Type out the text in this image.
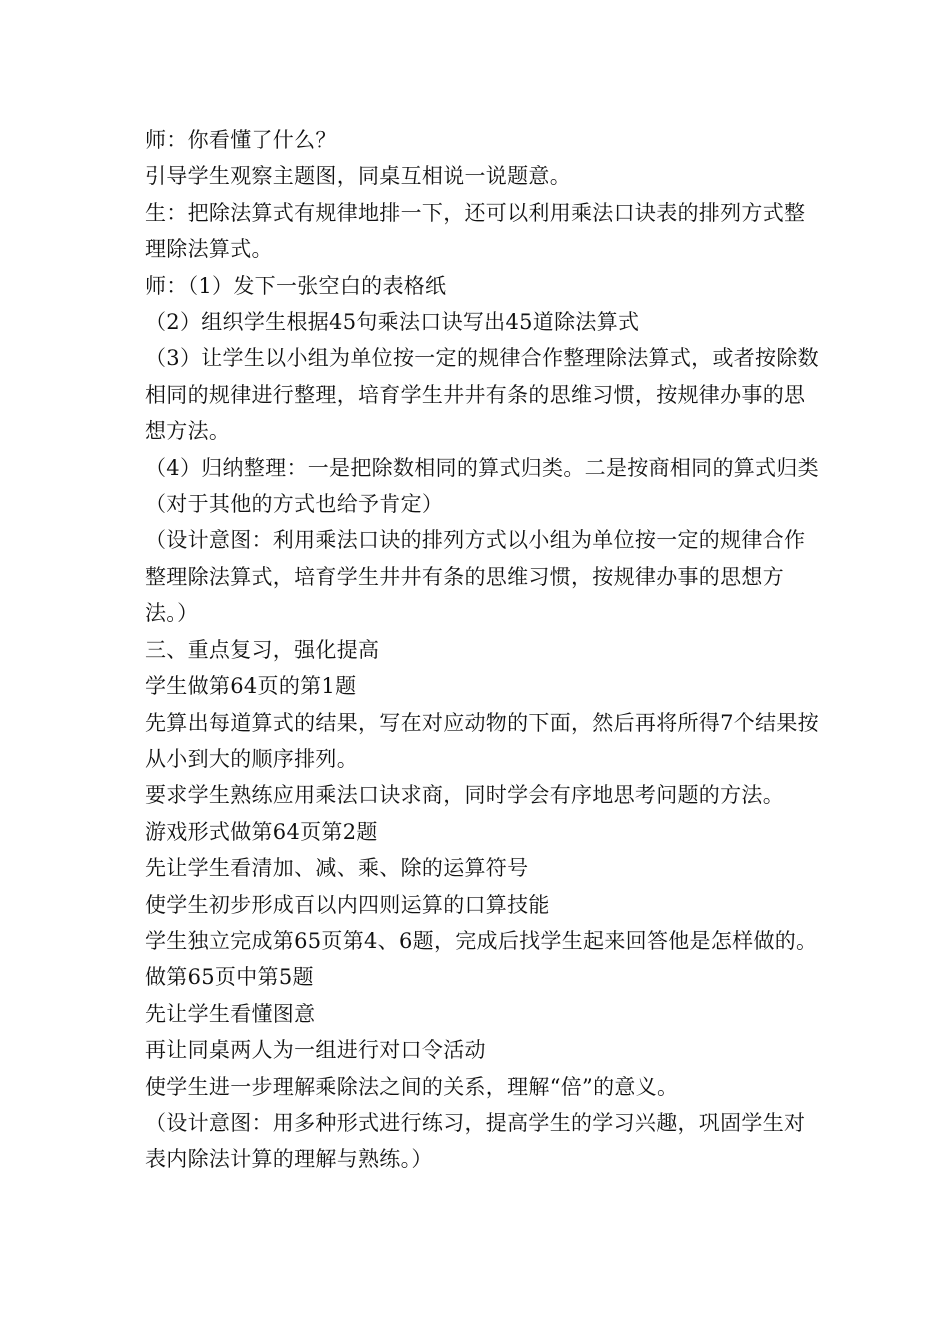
师：你看懂了什么？

引导学生观察主题图，同桌互相说一说题意。

生：把除法算式有规律地排一下，还可以利用乘法口诀表的排列方式整理除法算式。

师：（1）发下一张空白的表格纸

（2）组织学生根据45句乘法口诀写出45道除法算式

（3）让学生以小组为单位按一定的规律合作整理除法算式，或者按除数相同的规律进行整理，培育学生井井有条的思维习惯，按规律办事的思想方法。

（4）归纳整理：一是把除数相同的算式归类。二是按商相同的算式归类（对于其他的方式也给予肯定）

（设计意图：利用乘法口诀的排列方式以小组为单位按一定的规律合作整理除法算式，培育学生井井有条的思维习惯，按规律办事的思想方法。）

三、重点复习，强化提高

学生做第64页的第1题

先算出每道算式的结果，写在对应动物的下面，然后再将所得7个结果按从小到大的顺序排列。

要求学生熟练应用乘法口诀求商，同时学会有序地思考问题的方法。

游戏形式做第64页第2题

先让学生看清加、减、乘、除的运算符号

使学生初步形成百以内四则运算的口算技能

学生独立完成第65页第4、6题，完成后找学生起来回答他是怎样做的。

做第65页中第5题

先让学生看懂图意

再让同桌两人为一组进行对口令活动

使学生进一步理解乘除法之间的关系，理解“倍”的意义。

（设计意图：用多种形式进行练习，提高学生的学习兴趣，巩固学生对表内除法计算的理解与熟练。）
